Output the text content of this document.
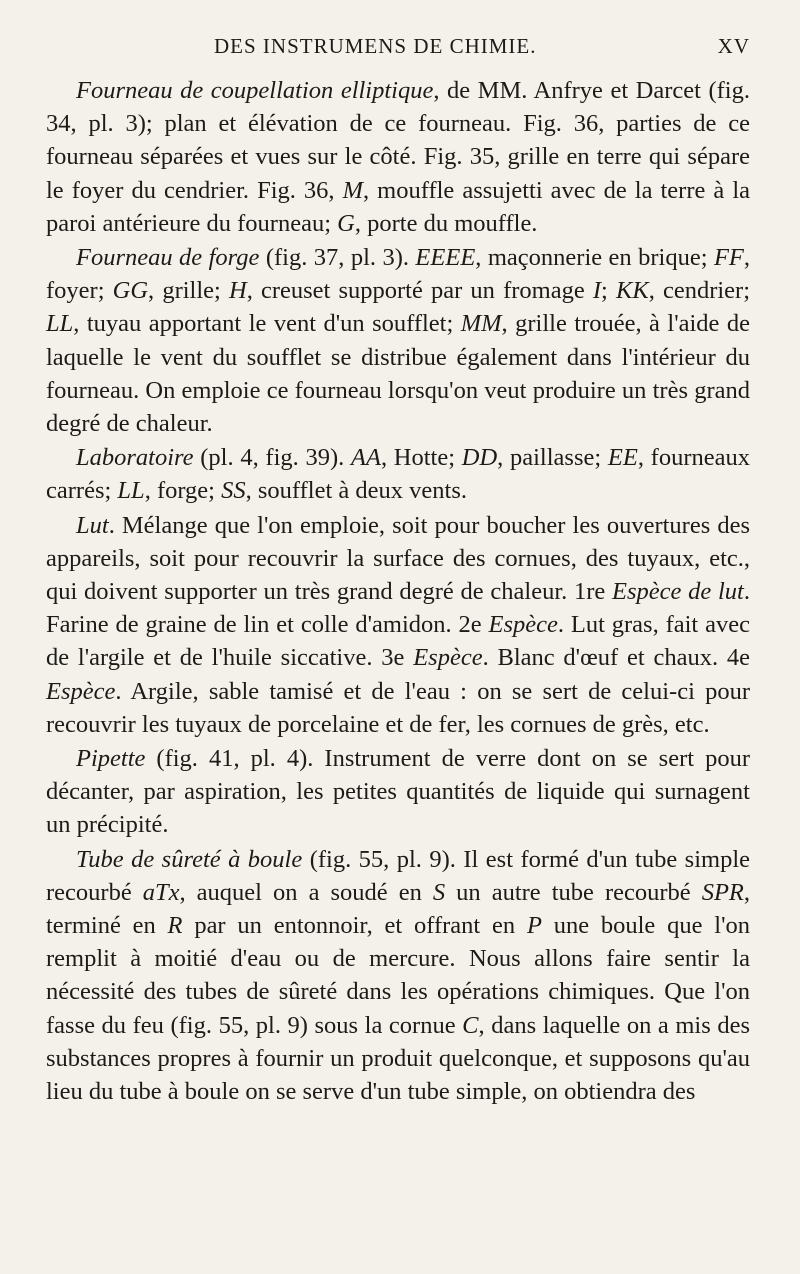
DES INSTRUMENS DE CHIMIE.	XV

Fourneau de coupellation elliptique, de MM. Anfrye et Darcet (fig. 34, pl. 3); plan et élévation de ce fourneau. Fig. 36, parties de ce fourneau séparées et vues sur le côté. Fig. 35, grille en terre qui sépare le foyer du cendrier. Fig. 36, M, mouffle assujetti avec de la terre à la paroi antérieure du fourneau; G, porte du mouffle.

Fourneau de forge (fig. 37, pl. 3). EEEE, maçonnerie en brique; FF, foyer; GG, grille; H, creuset supporté par un fromage I; KK, cendrier; LL, tuyau apportant le vent d'un soufflet; MM, grille trouée, à l'aide de laquelle le vent du soufflet se distribue également dans l'intérieur du fourneau. On emploie ce fourneau lorsqu'on veut produire un très grand degré de chaleur.

Laboratoire (pl. 4, fig. 39). AA, Hotte; DD, paillasse; EE, fourneaux carrés; LL, forge; SS, soufflet à deux vents.

Lut. Mélange que l'on emploie, soit pour boucher les ouvertures des appareils, soit pour recouvrir la surface des cornues, des tuyaux, etc., qui doivent supporter un très grand degré de chaleur. 1re Espèce de lut. Farine de graine de lin et colle d'amidon. 2e Espèce. Lut gras, fait avec de l'argile et de l'huile siccative. 3e Espèce. Blanc d'œuf et chaux. 4e Espèce. Argile, sable tamisé et de l'eau : on se sert de celui-ci pour recouvrir les tuyaux de porcelaine et de fer, les cornues de grès, etc.

Pipette (fig. 41, pl. 4). Instrument de verre dont on se sert pour décanter, par aspiration, les petites quantités de liquide qui surnagent un précipité.

Tube de sûreté à boule (fig. 55, pl. 9). Il est formé d'un tube simple recourbé aTx, auquel on a soudé en S un autre tube recourbé SPR, terminé en R par un entonnoir, et offrant en P une boule que l'on remplit à moitié d'eau ou de mercure. Nous allons faire sentir la nécessité des tubes de sûreté dans les opérations chimiques. Que l'on fasse du feu (fig. 55, pl. 9) sous la cornue C, dans laquelle on a mis des substances propres à fournir un produit quelconque, et supposons qu'au lieu du tube à boule on se serve d'un tube simple, on obtiendra des
